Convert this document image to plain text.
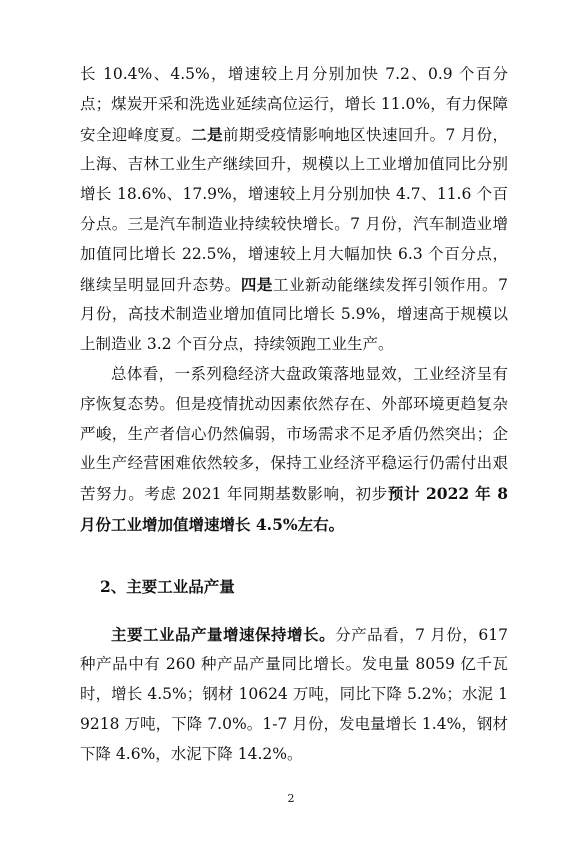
长 10.4%、4.5%，增速较上月分别加快 7.2、0.9 个百分点；煤炭开采和洗选业延续高位运行，增长 11.0%，有力保障安全迎峰度夏。二是前期受疫情影响地区快速回升。7 月份，上海、吉林工业生产继续回升，规模以上工业增加值同比分别增长 18.6%、17.9%，增速较上月分别加快 4.7、11.6 个百分点。三是汽车制造业持续较快增长。7 月份，汽车制造业增加值同比增长 22.5%，增速较上月大幅加快 6.3 个百分点，继续呈明显回升态势。四是工业新动能继续发挥引领作用。7 月份，高技术制造业增加值同比增长 5.9%，增速高于规模以上制造业 3.2 个百分点，持续领跑工业生产。

总体看，一系列稳经济大盘政策落地显效，工业经济呈有序恢复态势。但是疫情扰动因素依然存在、外部环境更趋复杂严峻，生产者信心仍然偏弱，市场需求不足矛盾仍然突出；企业生产经营困难依然较多，保持工业经济平稳运行仍需付出艰苦努力。考虑 2021 年同期基数影响，初步预计 2022 年 8 月份工业增加值增速增长 4.5%左右。

2、主要工业品产量

主要工业品产量增速保持增长。分产品看，7 月份，617 种产品中有 260 种产品产量同比增长。发电量 8059 亿千瓦时，增长 4.5%；钢材 10624 万吨，同比下降 5.2%；水泥 19218 万吨，下降 7.0%。1-7 月份，发电量增长 1.4%，钢材下降 4.6%，水泥下降 14.2%。

2
